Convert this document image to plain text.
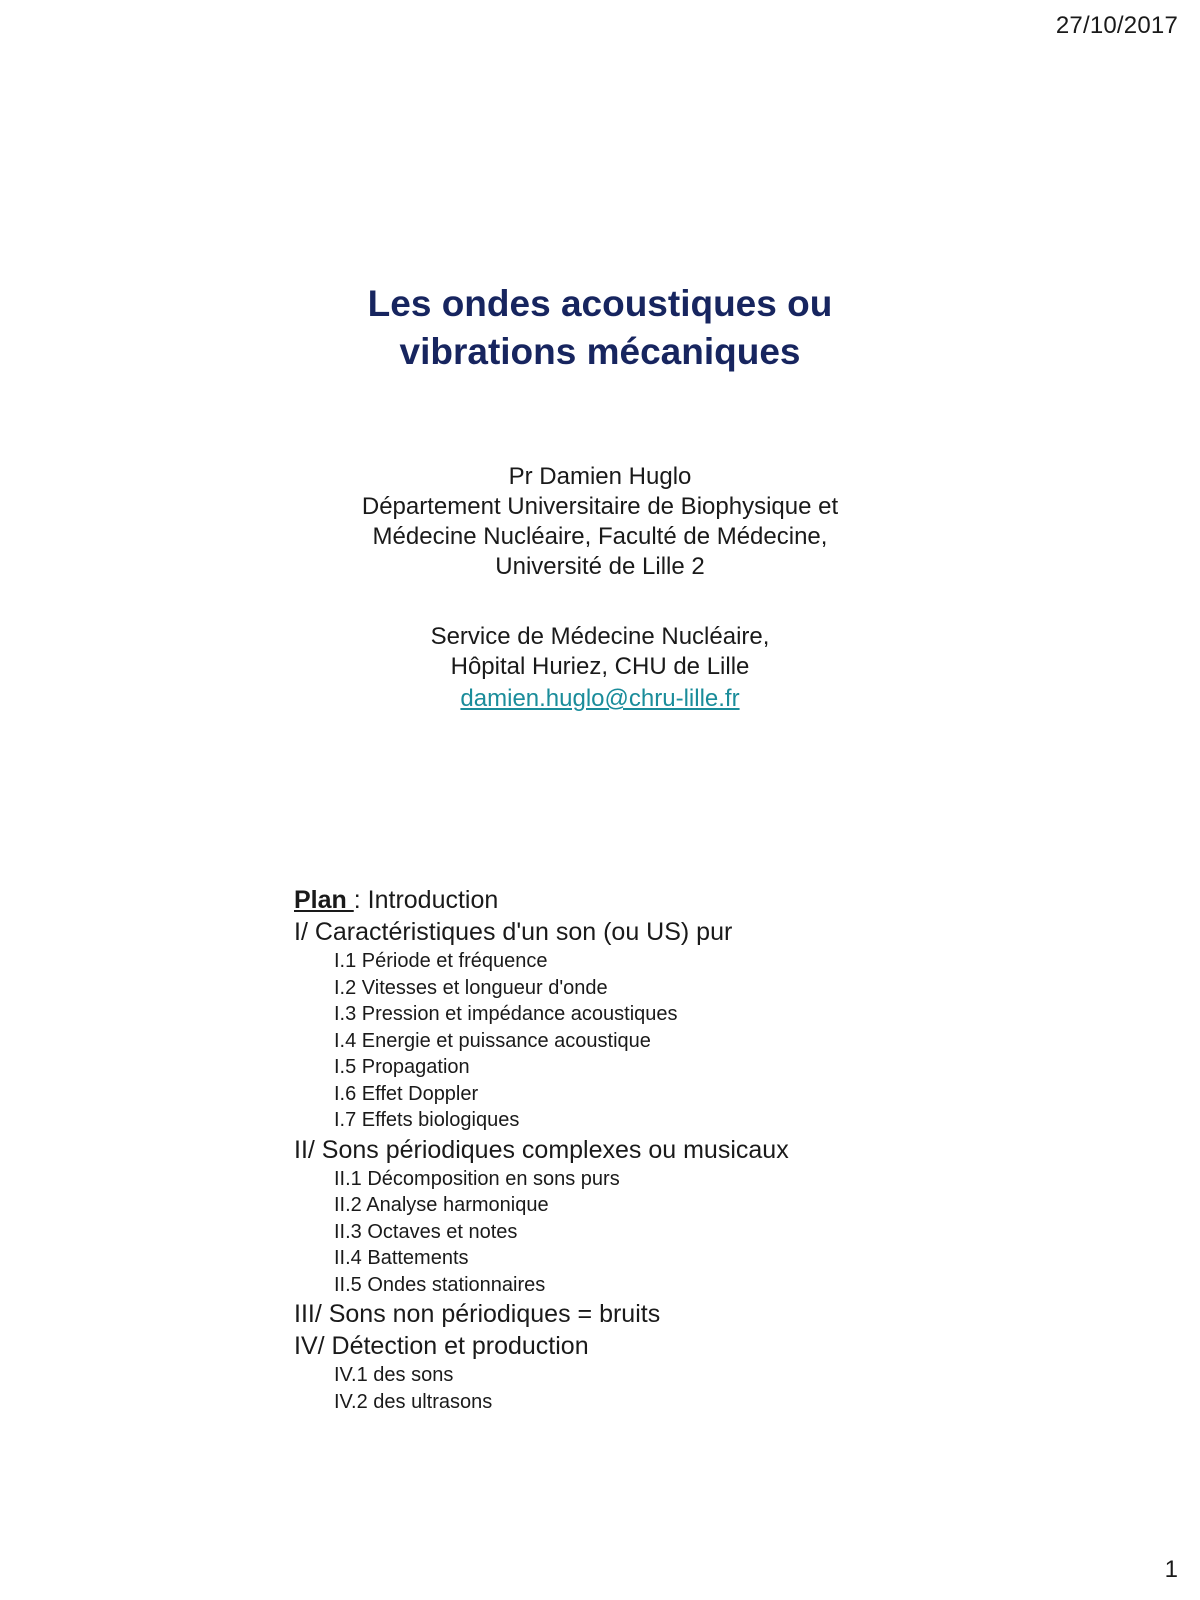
27/10/2017
Les ondes acoustiques ou
vibrations mécaniques
Pr Damien Huglo
Département Universitaire de Biophysique et
Médecine Nucléaire, Faculté de Médecine,
Université de Lille 2
Service de Médecine Nucléaire,
Hôpital Huriez, CHU de Lille
damien.huglo@chru-lille.fr
Plan : Introduction
I/ Caractéristiques d'un son (ou US) pur
I.1 Période et fréquence
I.2 Vitesses et longueur d'onde
I.3 Pression et impédance acoustiques
I.4 Energie et puissance acoustique
I.5 Propagation
I.6 Effet Doppler
I.7 Effets biologiques
II/ Sons périodiques complexes ou musicaux
II.1 Décomposition en sons purs
II.2 Analyse harmonique
II.3 Octaves et notes
II.4 Battements
II.5 Ondes stationnaires
III/ Sons non périodiques = bruits
IV/ Détection et production
IV.1 des sons
IV.2 des ultrasons
1
